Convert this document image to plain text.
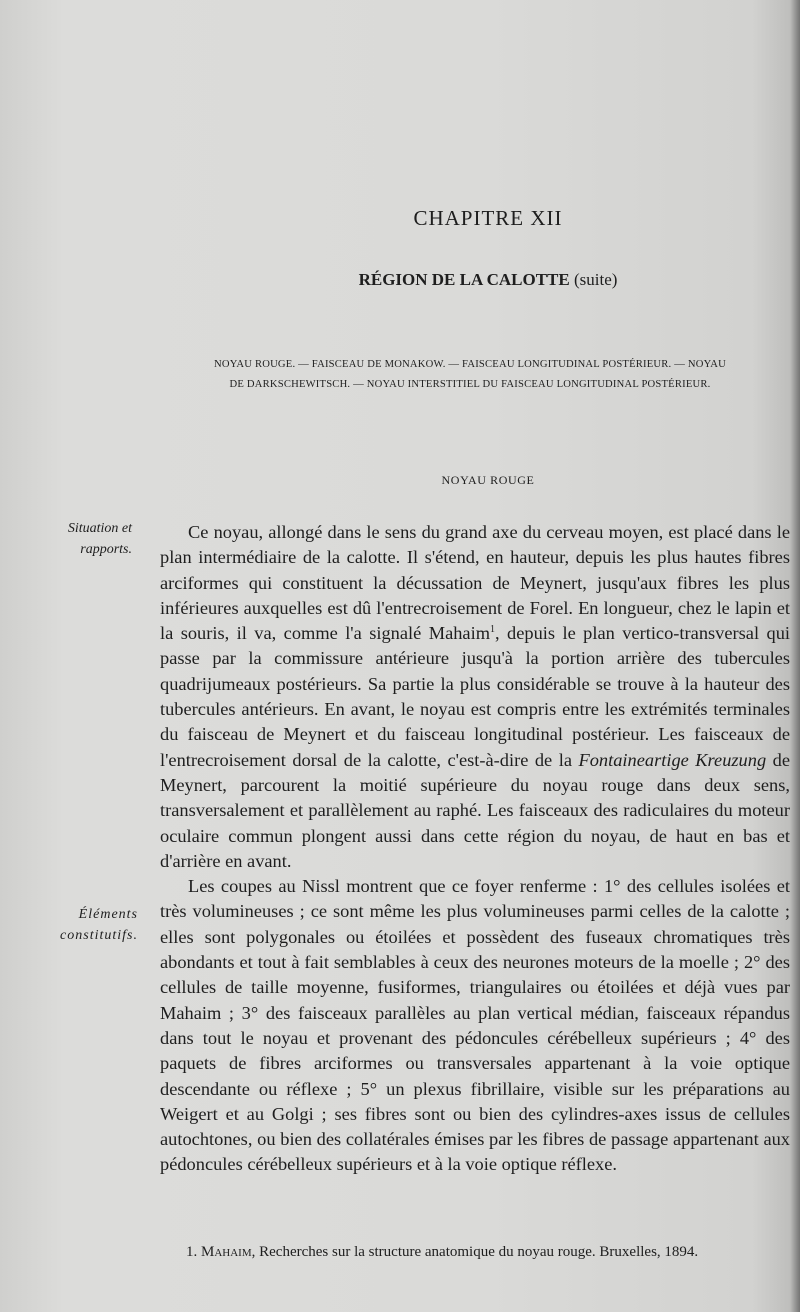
CHAPITRE XII
RÉGION DE LA CALOTTE (suite)
NOYAU ROUGE. — FAISCEAU DE MONAKOW. — FAISCEAU LONGITUDINAL POSTÉRIEUR. — NOYAU
DE DARKSCHEWITSCH. — NOYAU INTERSTITIEL DU FAISCEAU LONGITUDINAL POSTÉRIEUR.
NOYAU ROUGE
Situation et
rapports.
Éléments
constitutifs.

Ce noyau, allongé dans le sens du grand axe du cerveau moyen, est placé dans le plan intermédiaire de la calotte. Il s'étend, en hauteur, depuis les plus hautes fibres arciformes qui constituent la décussation de Meynert, jusqu'aux fibres les plus inférieures auxquelles est dû l'entrecroisement de Forel. En longueur, chez le lapin et la souris, il va, comme l'a signalé Mahaim$^1$, depuis le plan vertico-transversal qui passe par la commissure antérieure jusqu'à la portion arrière des tubercules quadrijumeaux postérieurs. Sa partie la plus considérable se trouve à la hauteur des tubercules antérieurs. En avant, le noyau est compris entre les extrémités terminales du faisceau de Meynert et du faisceau longitudinal postérieur. Les faisceaux de l'entrecroisement dorsal de la calotte, c'est-à-dire de la Fontaineartige Kreuzung de Meynert, parcourent la moitié supérieure du noyau rouge dans deux sens, transversalement et parallèlement au raphé. Les faisceaux des radiculaires du moteur oculaire commun plongent aussi dans cette région du noyau, de haut en bas et d'arrière en avant.

Les coupes au Nissl montrent que ce foyer renferme : 1° des cellules isolées et très volumineuses ; ce sont même les plus volumineuses parmi celles de la calotte ; elles sont polygonales ou étoilées et possèdent des fuseaux chromatiques très abondants et tout à fait semblables à ceux des neurones moteurs de la moelle ; 2° des cellules de taille moyenne, fusiformes, triangulaires ou étoilées et déjà vues par Mahaim ; 3° des faisceaux parallèles au plan vertical médian, faisceaux répandus dans tout le noyau et provenant des pédoncules cérébelleux supérieurs ; 4° des paquets de fibres arciformes ou transversales appartenant à la voie optique descendante ou réflexe ; 5° un plexus fibrillaire, visible sur les préparations au Weigert et au Golgi ; ses fibres sont ou bien des cylindres-axes issus de cellules autochtones, ou bien des collatérales émises par les fibres de passage appartenant aux pédoncules cérébelleux supérieurs et à la voie optique réflexe.

1. Mahaim, Recherches sur la structure anatomique du noyau rouge. Bruxelles, 1894.
